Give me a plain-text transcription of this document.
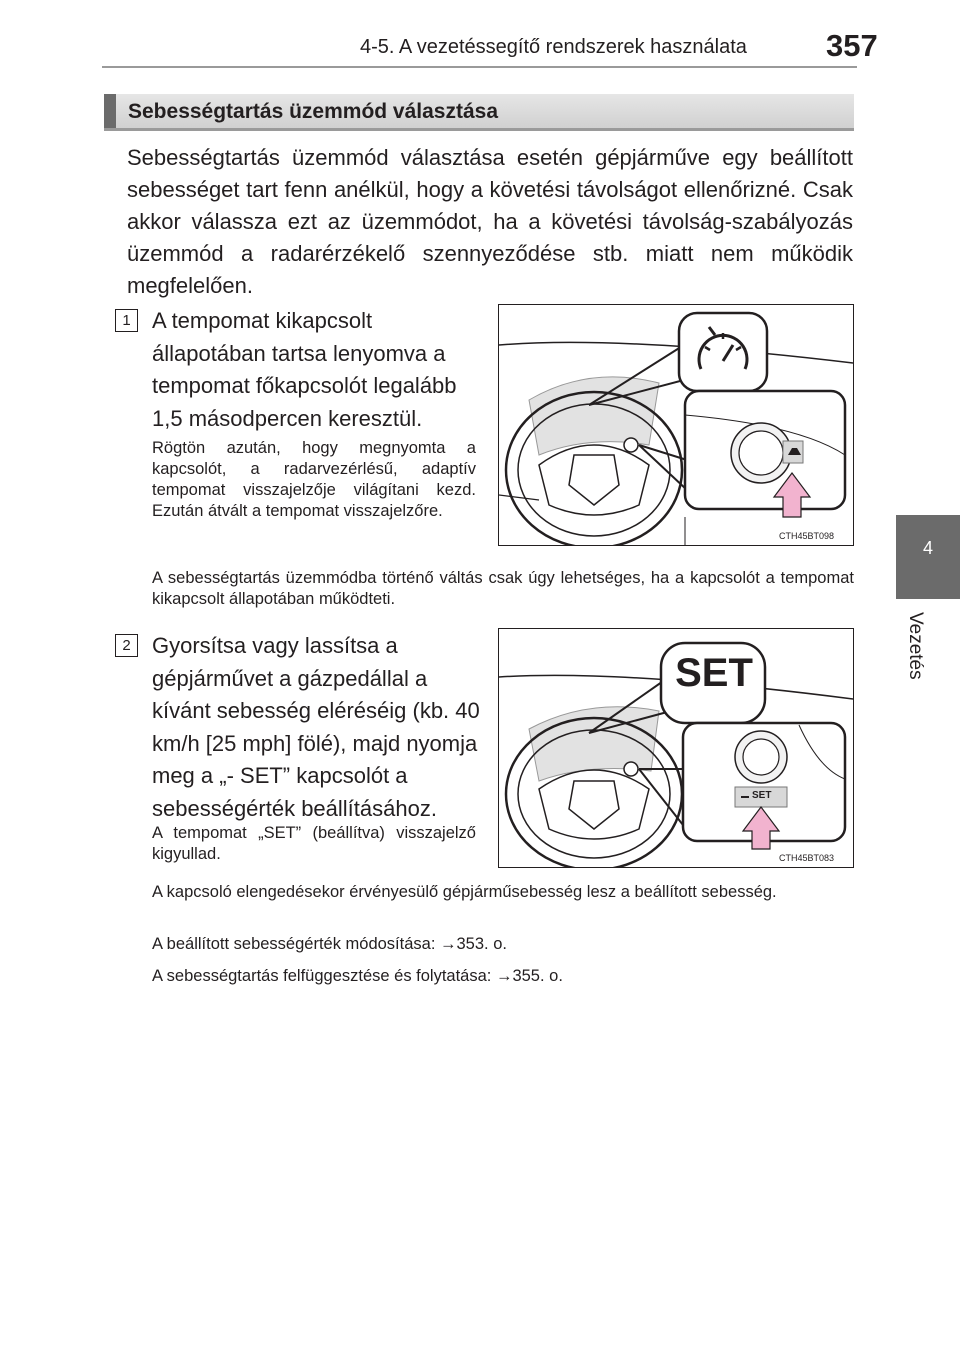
4-5. A vezetéssegítő rendszerek használata	357
4
Vezetés
Sebességtartás üzemmód választása
Sebességtartás üzemmód választása esetén gépjárműve egy beállított sebességet tart fenn anélkül, hogy a követési távolságot ellenőrizné. Csak akkor válassza ezt az üzemmódot, ha a követési távolság-szabályozás üzemmód a radarérzékelő szennyeződése stb. miatt nem működik megfelelően.
1 A tempomat kikapcsolt állapotában tartsa lenyomva a tempomat főkapcsolót legalább 1,5 másodpercen keresztül.
Rögtön azután, hogy megnyomta a kapcsolót, a radarvezérlésű, adaptív tempomat visszajelzője világítani kezd. Ezután átvált a tempomat visszajelzőre.
CTH45BT098
A sebességtartás üzemmódba történő váltás csak úgy lehetséges, ha a kapcsolót a tempomat kikapcsolt állapotában működteti.
2 Gyorsítsa vagy lassítsa a gépjárművet a gázpedállal a kívánt sebesség eléréséig (kb. 40 km/h [25 mph] fölé), majd nyomja meg a „- SET” kapcsolót a sebességérték beállításához.
A tempomat „SET” (beállítva) visszajelző kigyullad.
SET
SET
CTH45BT083
A kapcsoló elengedésekor érvényesülő gépjárműsebesség lesz a beállított sebesség.
A beállított sebességérték módosítása: →353. o.
A sebességtartás felfüggesztése és folytatása: →355. o.
